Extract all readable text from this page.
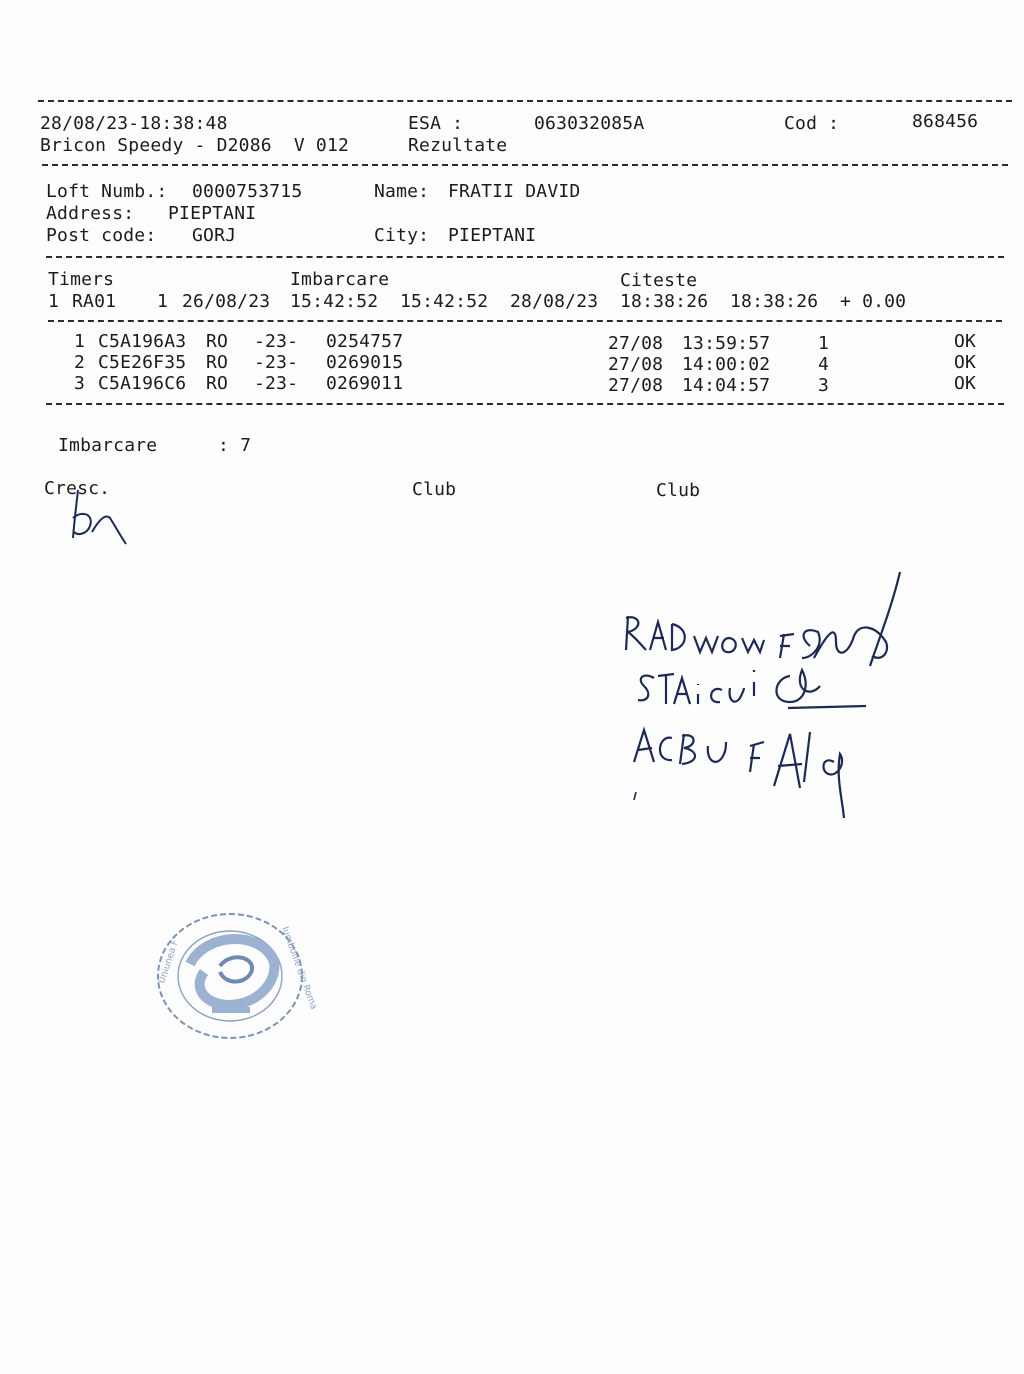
28/08/23-18:38:48	ESA :	063032085A	Cod :	868456
Bricon Speedy - D2086  V 012	Rezultate
Loft Numb.: 0000753715	Name: FRATII DAVID
Address: PIEPTANI
Post code: GORJ	City: PIEPTANI
Timers	Imbarcare	Citeste
1 RA01 1 26/08/23 15:42:52 15:42:52 28/08/23 18:38:26 18:38:26 + 0.00
1 C5A196A3 RO -23- 0254757	27/08 13:59:57	1	OK
2 C5E26F35 RO -23- 0269015	27/08 14:00:02	4	OK
3 C5A196C6 RO -23- 0269011	27/08 14:04:57	3	OK
Imbarcare	: 7
Cresc.	Club	Club
Uniunea F	lumbofile din Roma
